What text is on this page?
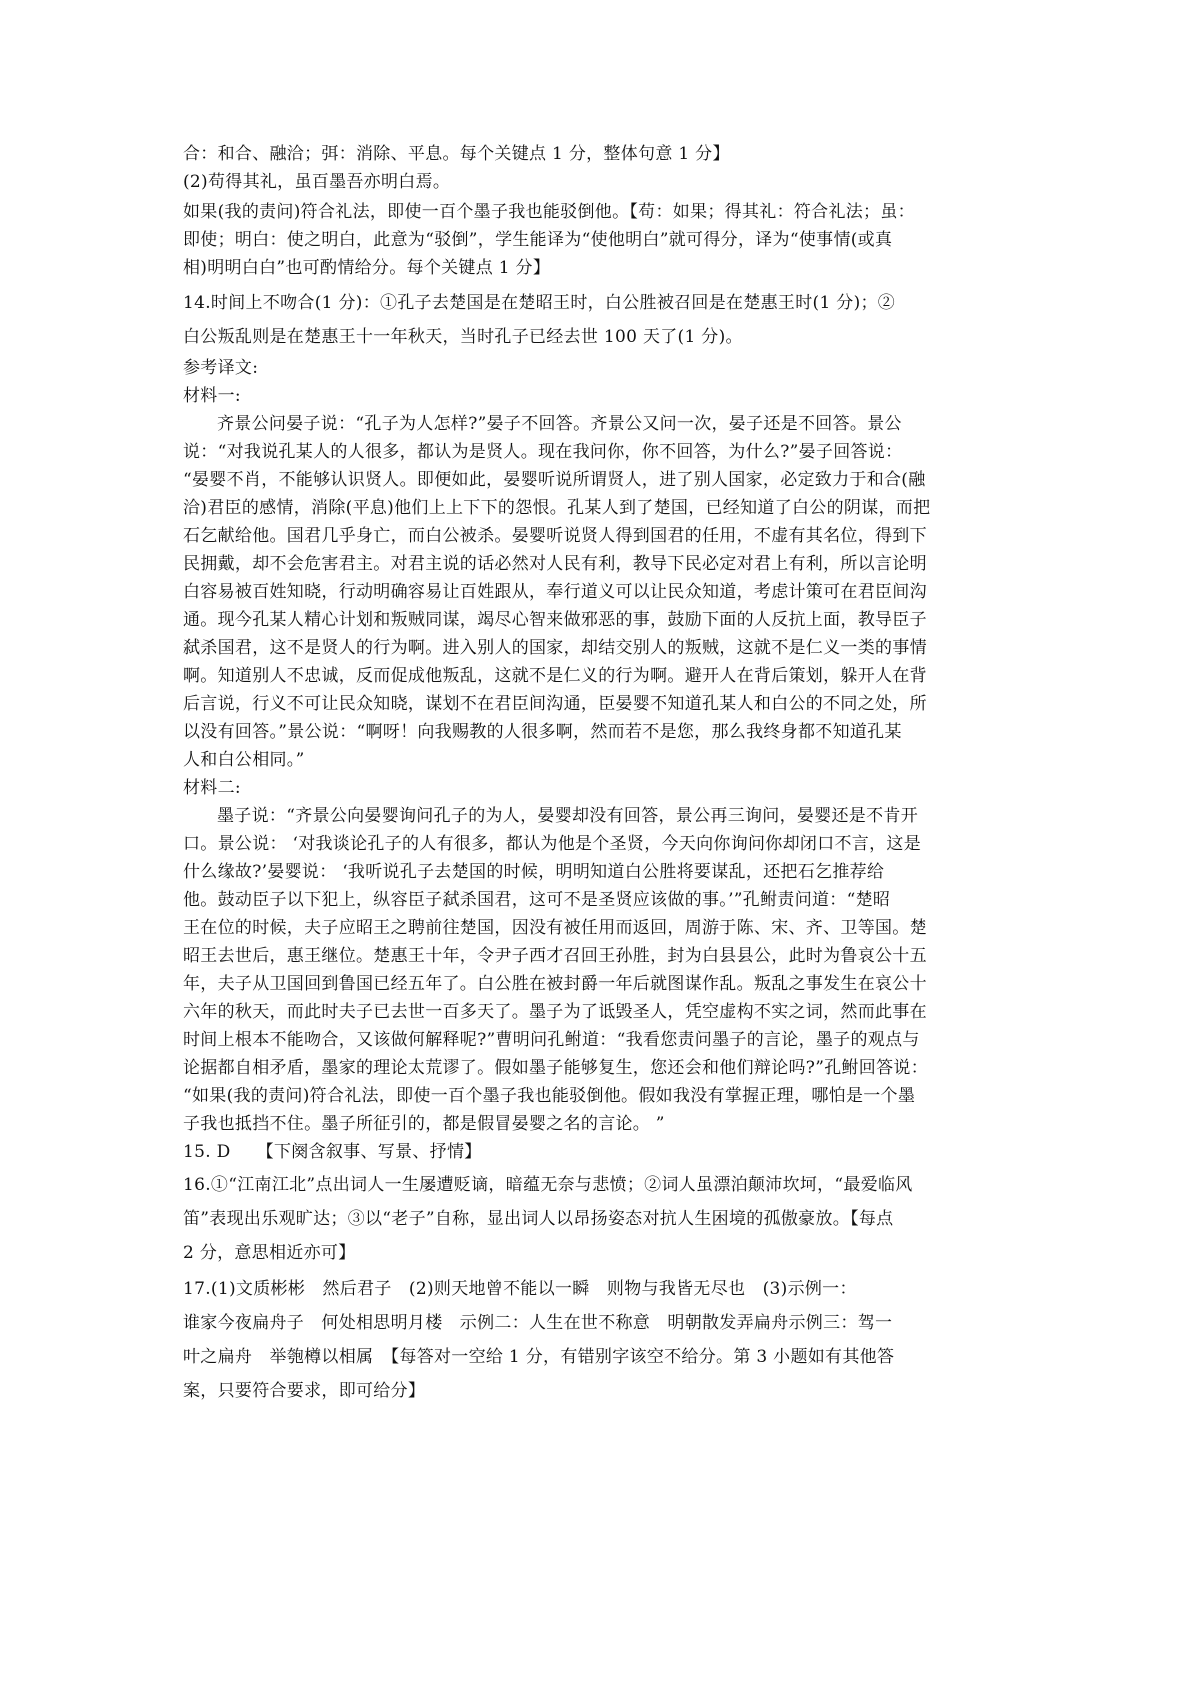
合：和合、融洽；弭：消除、平息。每个关键点 1 分，整体句意 1 分】
(2)苟得其礼，虽百墨吾亦明白焉。
如果(我的责问)符合礼法，即使一百个墨子我也能驳倒他。【苟：如果；得其礼：符合礼法；虽：
即使；明白：使之明白，此意为“驳倒”，学生能译为“使他明白”就可得分，译为“使事情(或真
相)明明白白”也可酌情给分。每个关键点 1 分】
14.时间上不吻合(1 分)：①孔子去楚国是在楚昭王时，白公胜被召回是在楚惠王时(1 分)；②
白公叛乱则是在楚惠王十一年秋天，当时孔子已经去世 100 天了(1 分)。
参考译文:
材料一:
齐景公问晏子说：“孔子为人怎样?”晏子不回答。齐景公又问一次，晏子还是不回答。景公
说：“对我说孔某人的人很多，都认为是贤人。现在我问你，你不回答，为什么?”晏子回答说：
“晏婴不肖，不能够认识贤人。即便如此，晏婴听说所谓贤人，进了别人国家，必定致力于和合(融
洽)君臣的感情，消除(平息)他们上上下下的怨恨。孔某人到了楚国，已经知道了白公的阴谋，而把
石乞献给他。国君几乎身亡，而白公被杀。晏婴听说贤人得到国君的任用，不虚有其名位，得到下
民拥戴，却不会危害君主。对君主说的话必然对人民有利，教导下民必定对君上有利，所以言论明
白容易被百姓知晓，行动明确容易让百姓跟从，奉行道义可以让民众知道，考虑计策可在君臣间沟
通。现今孔某人精心计划和叛贼同谋，竭尽心智来做邪恶的事，鼓励下面的人反抗上面，教导臣子
弑杀国君，这不是贤人的行为啊。进入别人的国家，却结交别人的叛贼，这就不是仁义一类的事情
啊。知道别人不忠诚，反而促成他叛乱，这就不是仁义的行为啊。避开人在背后策划，躲开人在背
后言说，行义不可让民众知晓，谋划不在君臣间沟通，臣晏婴不知道孔某人和白公的不同之处，所
以没有回答。”景公说：“啊呀！向我赐教的人很多啊，然而若不是您，那么我终身都不知道孔某
人和白公相同。”
材料二:
墨子说：“齐景公向晏婴询问孔子的为人，晏婴却没有回答，景公再三询问，晏婴还是不肯开
口。景公说： ‘对我谈论孔子的人有很多，都认为他是个圣贤，今天向你询问你却闭口不言，这是
什么缘故?’晏婴说： ‘我听说孔子去楚国的时候，明明知道白公胜将要谋乱，还把石乞推荐给
他。鼓动臣子以下犯上，纵容臣子弑杀国君，这可不是圣贤应该做的事。’”孔鲋责问道：“楚昭
王在位的时候，夫子应昭王之聘前往楚国，因没有被任用而返回，周游于陈、宋、齐、卫等国。楚
昭王去世后，惠王继位。楚惠王十年，令尹子西才召回王孙胜，封为白县县公，此时为鲁哀公十五
年，夫子从卫国回到鲁国已经五年了。白公胜在被封爵一年后就图谋作乱。叛乱之事发生在哀公十
六年的秋天，而此时夫子已去世一百多天了。墨子为了诋毁圣人，凭空虚构不实之词，然而此事在
时间上根本不能吻合，又该做何解释呢?”曹明问孔鲋道：“我看您责问墨子的言论，墨子的观点与
论据都自相矛盾，墨家的理论太荒谬了。假如墨子能够复生，您还会和他们辩论吗?”孔鲋回答说：
“如果(我的责问)符合礼法，即使一百个墨子我也能驳倒他。假如我没有掌握正理，哪怕是一个墨
子我也抵挡不住。墨子所征引的，都是假冒晏婴之名的言论。 ”
15. D　　【下阕含叙事、写景、抒情】
16.①“江南江北”点出词人一生屡遭贬谪，暗蕴无奈与悲愤；②词人虽漂泊颠沛坎坷，“最爱临风
笛”表现出乐观旷达；③以“老子”自称，显出词人以昂扬姿态对抗人生困境的孤傲豪放。【每点
2 分，意思相近亦可】
17.(1)文质彬彬　然后君子　(2)则天地曾不能以一瞬　则物与我皆无尽也　(3)示例一：
谁家今夜扁舟子　何处相思明月楼　示例二：人生在世不称意　明朝散发弄扁舟示例三：驾一
叶之扁舟　举匏樽以相属　【每答对一空给 1 分，有错别字该空不给分。第 3 小题如有其他答
案，只要符合要求，即可给分】
